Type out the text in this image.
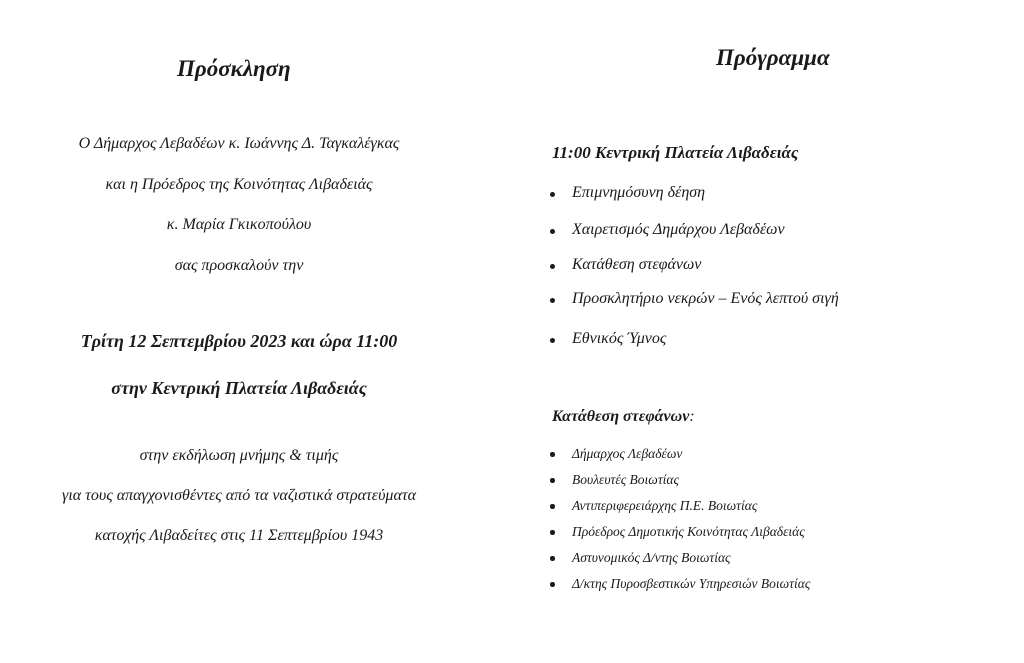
Πρόσκληση
Ο Δήμαρχος Λεβαδέων κ. Ιωάννης Δ. Ταγκαλέγκας
και η Πρόεδρος της Κοινότητας Λιβαδειάς
κ. Μαρία Γκικοπούλου
σας προσκαλούν την
Τρίτη 12 Σεπτεμβρίου 2023 και ώρα 11:00
στην Κεντρική Πλατεία Λιβαδειάς
στην εκδήλωση μνήμης & τιμής
για τους απαγχονισθέντες από τα ναζιστικά στρατεύματα
κατοχής Λιβαδείτες στις 11 Σεπτεμβρίου 1943
Πρόγραμμα
11:00 Κεντρική Πλατεία Λιβαδειάς
Επιμνημόσυνη δέηση
Χαιρετισμός Δημάρχου Λεβαδέων
Κατάθεση στεφάνων
Προσκλητήριο νεκρών – Ενός λεπτού σιγή
Εθνικός Ύμνος
Κατάθεση στεφάνων:
Δήμαρχος Λεβαδέων
Βουλευτές Βοιωτίας
Αντιπεριφερειάρχης Π.Ε. Βοιωτίας
Πρόεδρος Δημοτικής Κοινότητας Λιβαδειάς
Αστυνομικός Δ/ντης Βοιωτίας
Δ/κτης Πυροσβεστικών Υπηρεσιών Βοιωτίας
